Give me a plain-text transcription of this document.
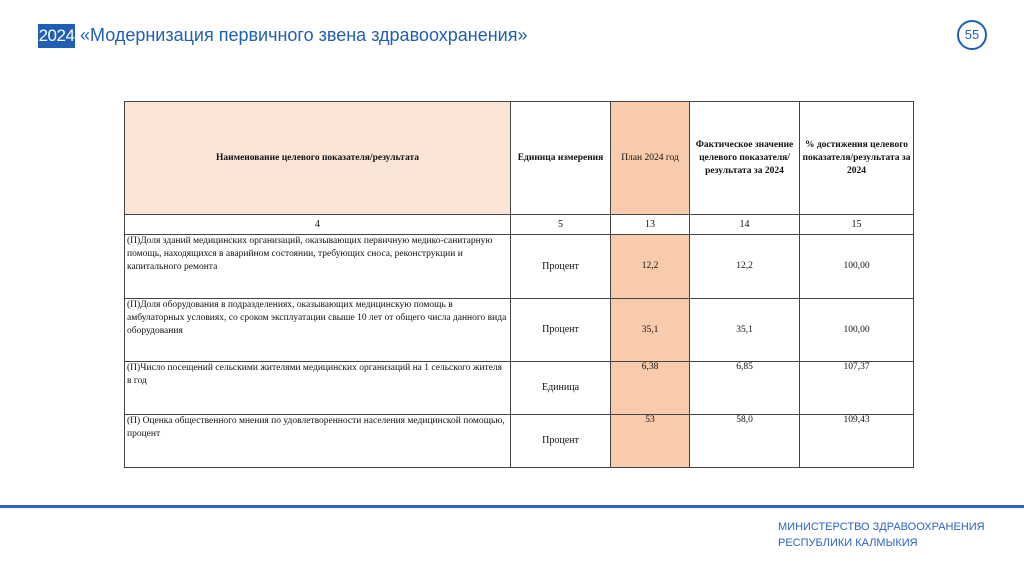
2024 «Модернизация первичного звена здравоохранения»	55
Наименование целевого показателя/результата	Единица измерения	План 2024 год	Фактическое значение целевого показателя/результата за 2024	% достижения целевого показателя/результата за 2024
4	5	13	14	15
(П)Доля зданий медицинских организаций, оказывающих первичную медико-санитарную помощь, находящихся в аварийном состоянии, требующих сноса, реконструкции и капитального ремонта	Процент	12,2	12,2	100,00
(П)Доля оборудования в подразделениях, оказывающих медицинскую помощь в амбулаторных условиях, со сроком эксплуатации свыше 10 лет от общего числа данного вида оборудования	Процент	35,1	35,1	100,00
(П)Число посещений сельскими жителями медицинских организаций на 1 сельского жителя в год	Единица	6,38	6,85	107,37
(П) Оценка общественного мнения по удовлетворенности населения медицинской помощью, процент	Процент	53	58,0	109,43
МИНИСТЕРСТВО ЗДРАВООХРАНЕНИЯ РЕСПУБЛИКИ КАЛМЫКИЯ
